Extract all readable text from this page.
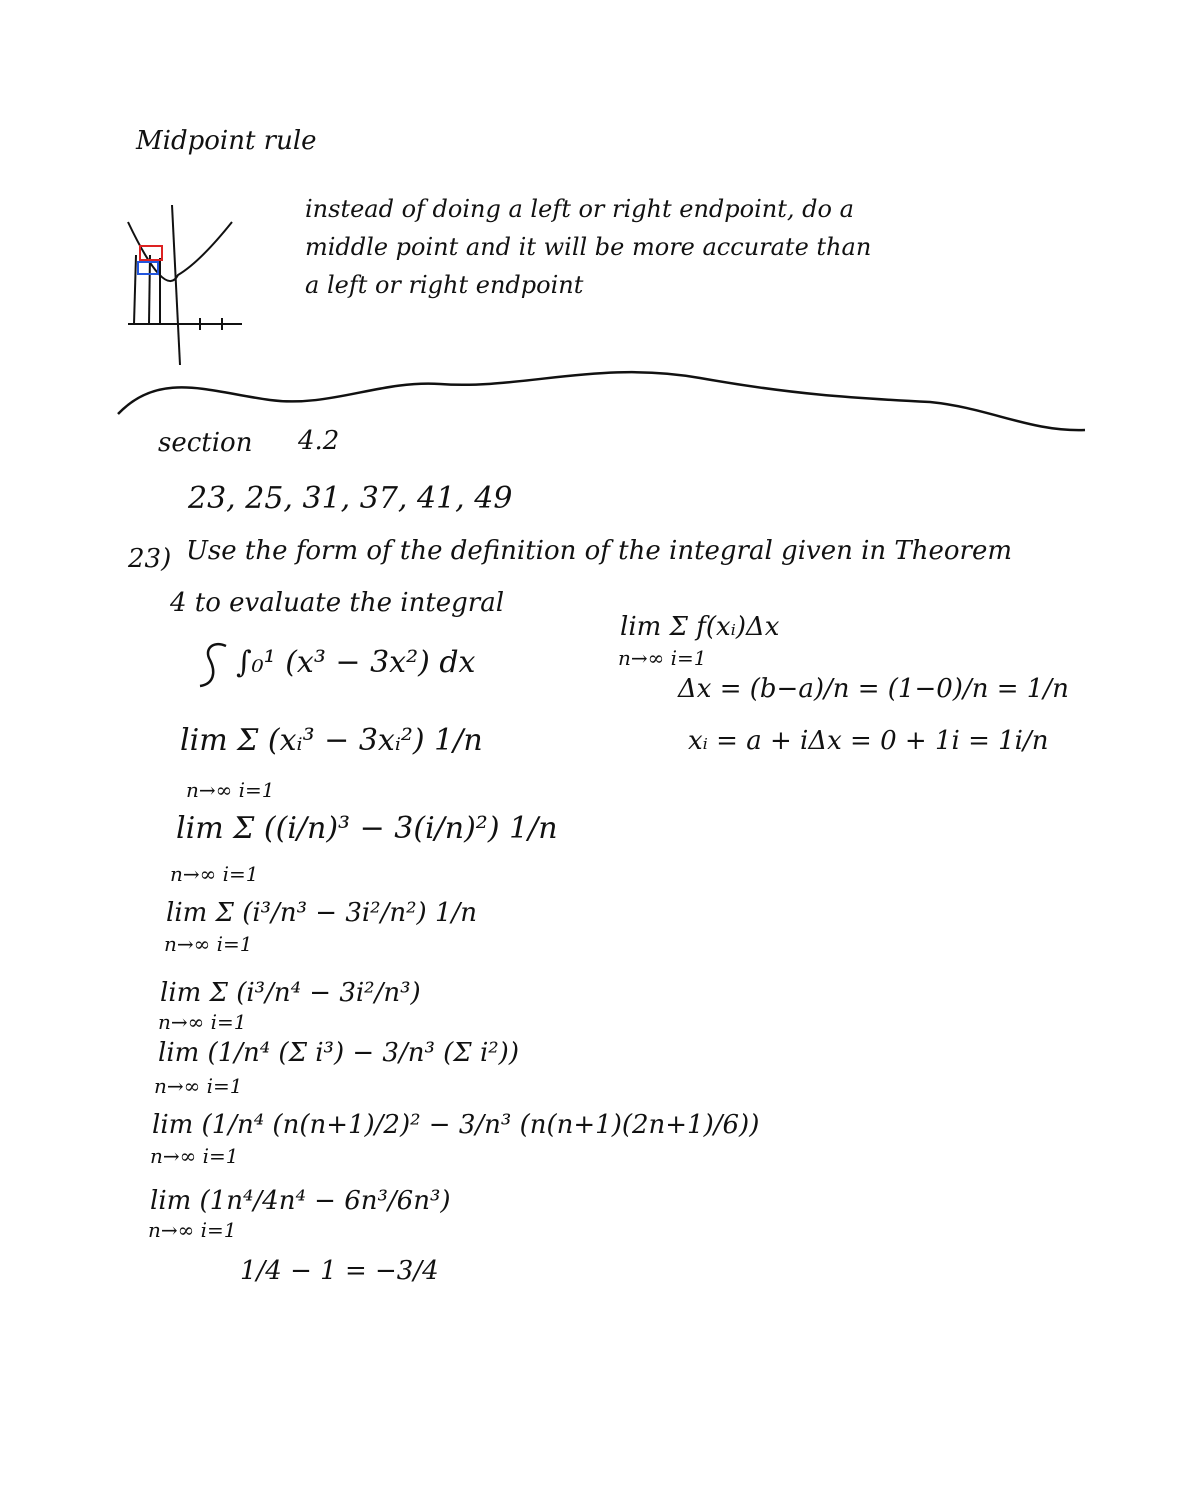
Midpoint rule
instead of doing a left or right endpoint, do a
middle point and it will be more accurate than
a left or right endpoint
section 4.2
23, 25, 31, 37, 41, 49
23) Use the form of the definition of the integral given in Theorem
4 to evaluate the integral
lim Σ f(xᵢ)Δx
n→∞ i=1
Δx = (b−a)/n = (1−0)/n = 1/n
xᵢ = a + iΔx = 0 + 1i = 1i/n
∫₀¹ (x³ − 3x²) dx
lim Σ (xᵢ³ − 3xᵢ²) 1/n
n→∞ i=1
lim Σ ((i/n)³ − 3(i/n)²) 1/n
n→∞ i=1
lim Σ (i³/n³ − 3i²/n²) 1/n
n→∞ i=1
lim Σ (i³/n⁴ − 3i²/n³)
n→∞ i=1
lim (1/n⁴ (Σ i³) − 3/n³ (Σ i²))
n→∞ i=1
lim (1/n⁴ (n(n+1)/2)² − 3/n³ (n(n+1)(2n+1)/6))
n→∞ i=1
lim (1n⁴/4n⁴ − 6n³/6n³)
n→∞ i=1
1/4 − 1 = −3/4
